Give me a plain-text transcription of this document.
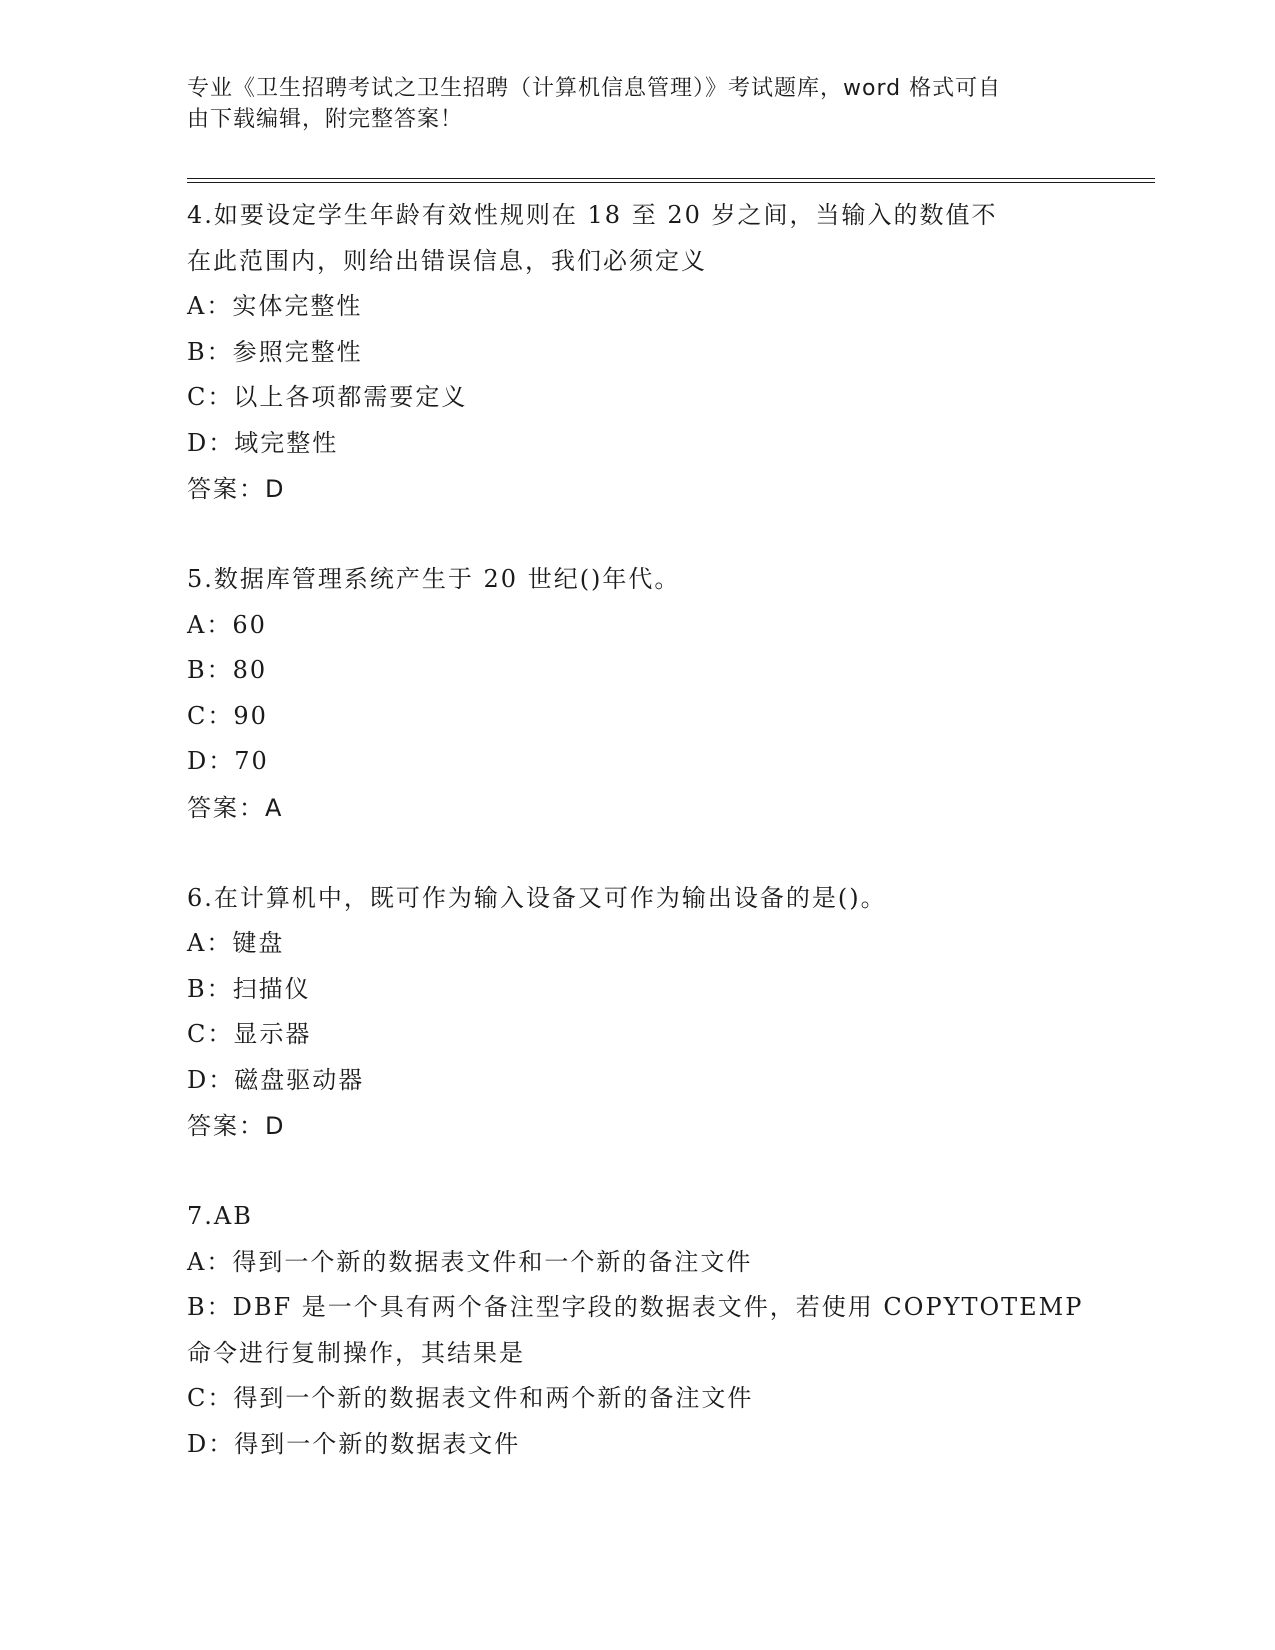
专业《卫生招聘考试之卫生招聘（计算机信息管理）》考试题库，word 格式可自
由下载编辑，附完整答案！
4.如要设定学生年龄有效性规则在 18 至 20 岁之间，当输入的数值不
在此范围内，则给出错误信息，我们必须定义
A：实体完整性
B：参照完整性
C：以上各项都需要定义
D：域完整性
答案：D
5.数据库管理系统产生于 20 世纪()年代。
A：60
B：80
C：90
D：70
答案：A
6.在计算机中，既可作为输入设备又可作为输出设备的是()。
A：键盘
B：扫描仪
C：显示器
D：磁盘驱动器
答案：D
7.AB
A：得到一个新的数据表文件和一个新的备注文件
B：DBF 是一个具有两个备注型字段的数据表文件，若使用 COPYTOTEMP
命令进行复制操作，其结果是
C：得到一个新的数据表文件和两个新的备注文件
D：得到一个新的数据表文件
